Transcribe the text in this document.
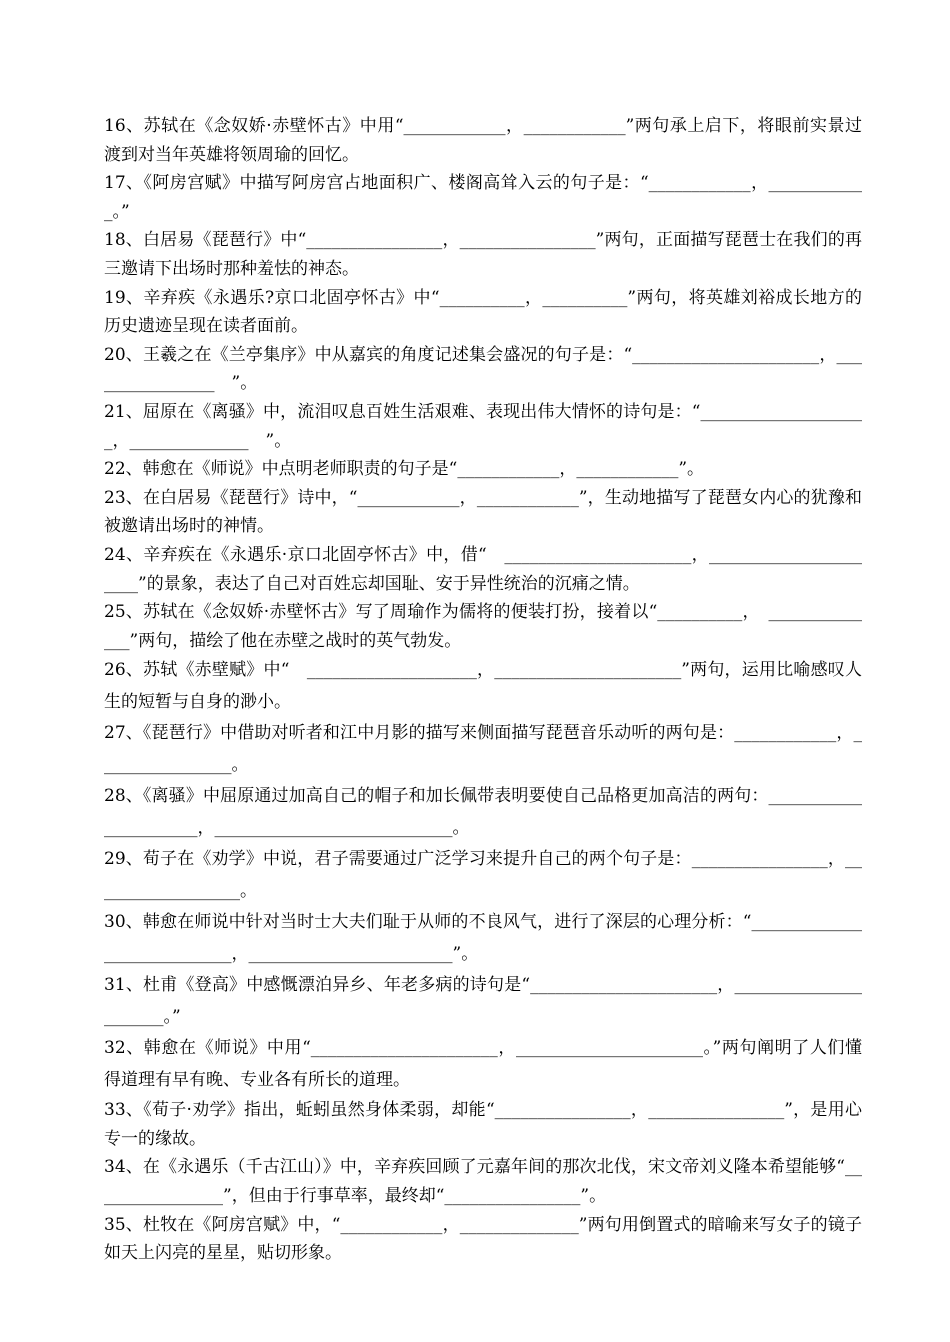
16、苏轼在《念奴娇·赤壁怀古》中用“____________，____________”两句承上启下，将眼前实景过渡到对当年英雄将领周瑜的回忆。

17、《阿房宫赋》中描写阿房宫占地面积广、楼阁高耸入云的句子是：“____________，____________。”

18、白居易《琵琶行》中“________________，________________”两句，正面描写琵琶士在我们的再三邀请下出场时那种羞怯的神态。

19、辛弃疾《永遇乐?京口北固亭怀古》中“__________，__________”两句，将英雄刘裕成长地方的历史遗迹呈现在读者面前。

20、王羲之在《兰亭集序》中从嘉宾的角度记述集会盛况的句子是：“______________________，________________　”。

21、屈原在《离骚》中，流泪叹息百姓生活艰难、表现出伟大情怀的诗句是：“____________________，______________　”。

22、韩愈在《师说》中点明老师职责的句子是“____________，____________”。

23、在白居易《琵琶行》诗中，“____________，____________”，生动地描写了琵琶女内心的犹豫和被邀请出场时的神情。

24、辛弃疾在《永遇乐·京口北固亭怀古》中，借“　______________________，______________________”的景象，表达了自己对百姓忘却国耻、安于异性统治的沉痛之情。

25、苏轼在《念奴娇·赤壁怀古》写了周瑜作为儒将的便装打扮，接着以“__________，　______________”两句，描绘了他在赤壁之战时的英气勃发。

26、苏轼《赤壁赋》中“　____________________，______________________”两句，运用比喻感叹人生的短暂与自身的渺小。

27、《琵琶行》中借助对听者和江中月影的描写来侧面描写琵琶音乐动听的两句是：____________，________________。

28、《离骚》中屈原通过加高自己的帽子和加长佩带表明要使自己品格更加高洁的两句：______________________，____________________________。

29、荀子在《劝学》中说，君子需要通过广泛学习来提升自己的两个句子是：________________，__________________。

30、韩愈在师说中针对当时士大夫们耻于从师的不良风气，进行了深层的心理分析：“____________________________，________________________”。

31、杜甫《登高》中感慨漂泊异乡、年老多病的诗句是“______________________，______________________。”

32、韩愈在《师说》中用“______________________，______________________。”两句阐明了人们懂得道理有早有晚、专业各有所长的道理。

33、《荀子·劝学》指出，蚯蚓虽然身体柔弱，却能“________________，________________”，是用心专一的缘故。

34、在《永遇乐（千古江山）》中，辛弃疾回顾了元嘉年间的那次北伐，宋文帝刘义隆本希望能够“________________”，但由于行事草率，最终却“________________”。

35、杜牧在《阿房宫赋》中，“____________，______________”两句用倒置式的暗喻来写女子的镜子如天上闪亮的星星，贴切形象。
